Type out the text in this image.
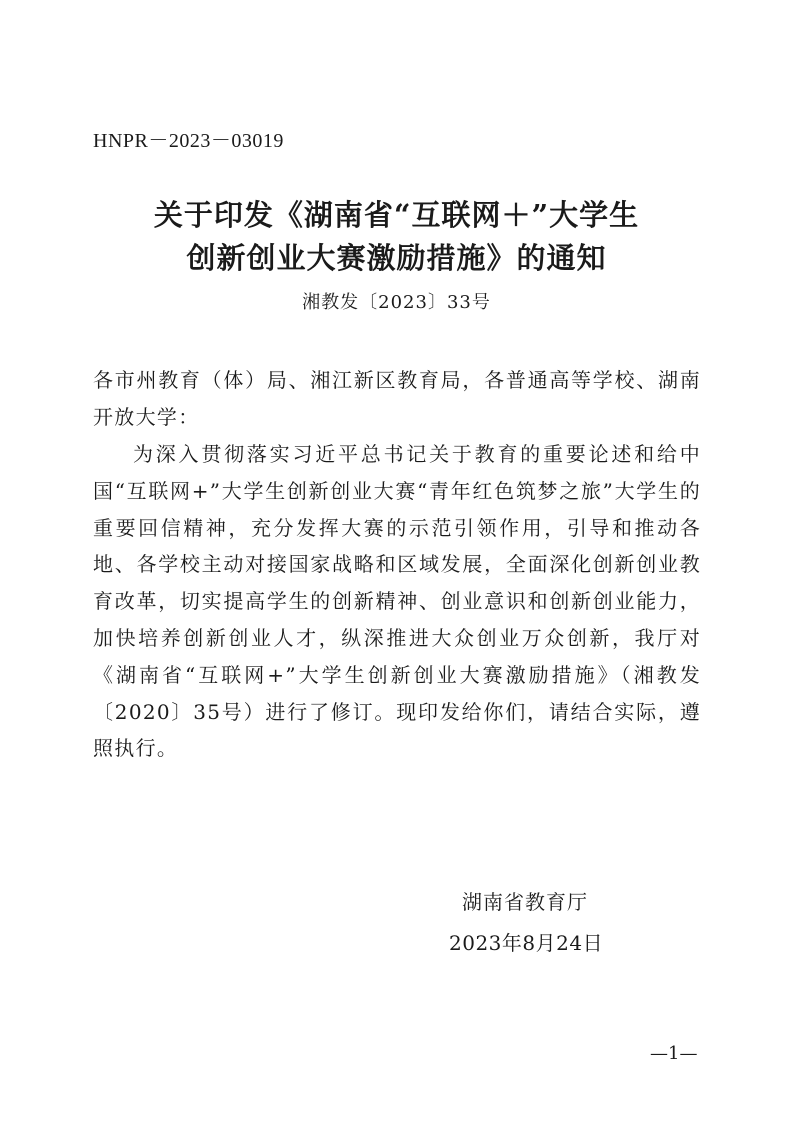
HNPR－2023－03019
关于印发《湖南省“互联网＋”大学生
创新创业大赛激励措施》的通知
湘教发〔2023〕33号
各市州教育（体）局、湘江新区教育局，各普通高等学校、湖南开放大学：

为深入贯彻落实习近平总书记关于教育的重要论述和给中国“互联网+”大学生创新创业大赛“青年红色筑梦之旅”大学生的重要回信精神，充分发挥大赛的示范引领作用，引导和推动各地、各学校主动对接国家战略和区域发展，全面深化创新创业教育改革，切实提高学生的创新精神、创业意识和创新创业能力，加快培养创新创业人才，纵深推进大众创业万众创新，我厅对《湖南省“互联网+”大学生创新创业大赛激励措施》（湘教发〔2020〕35号）进行了修订。现印发给你们，请结合实际，遵照执行。

湖南省教育厅
2023年8月24日
—1—
